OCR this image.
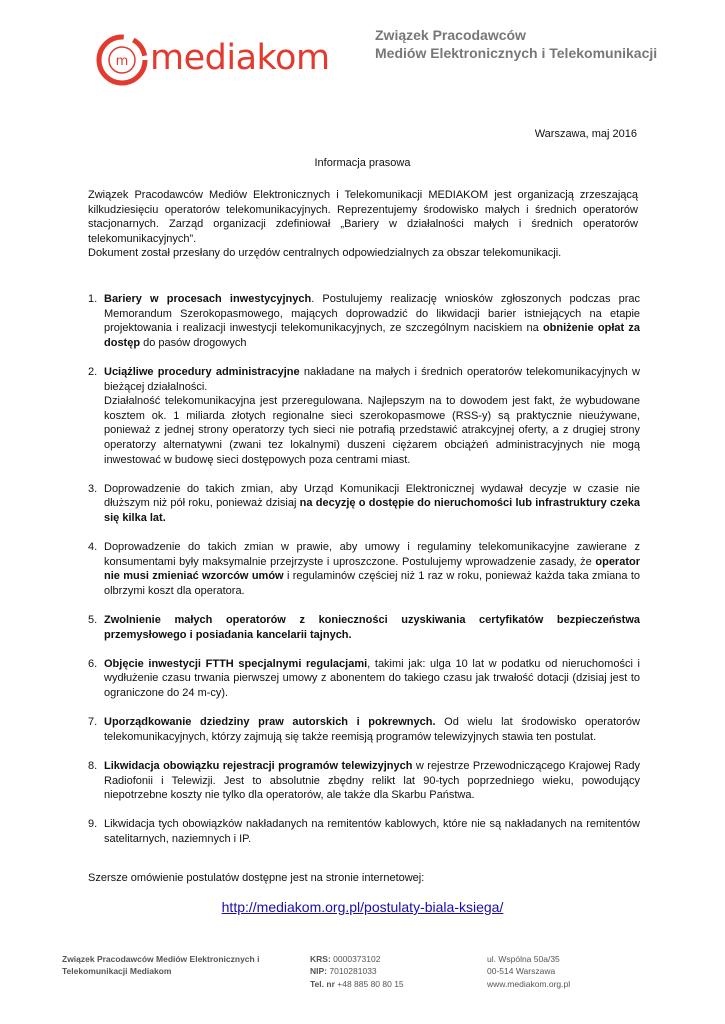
m mediakom
Związek Pracodawców
Mediów Elektronicznych i Telekomunikacji
Warszawa, maj 2016
Informacja prasowa

Związek Pracodawców Mediów Elektronicznych i Telekomunikacji MEDIAKOM jest organizacją zrzeszającą kilkudziesięciu operatorów telekomunikacyjnych. Reprezentujemy środowisko małych i średnich operatorów stacjonarnych. Zarząd organizacji zdefiniował „Bariery w działalności małych i średnich operatorów telekomunikacyjnych”.

Dokument został przesłany do urzędów centralnych odpowiedzialnych za obszar telekomunikacji.

1. Bariery w procesach inwestycyjnych. Postulujemy realizację wniosków zgłoszonych podczas prac Memorandum Szerokopasmowego, mających doprowadzić do likwidacji barier istniejących na etapie projektowania i realizacji inwestycji telekomunikacyjnych, ze szczególnym naciskiem na obniżenie opłat za dostęp do pasów drogowych
2. Uciążliwe procedury administracyjne nakładane na małych i średnich operatorów telekomunikacyjnych w bieżącej działalności.
Działalność telekomunikacyjna jest przeregulowana. Najlepszym na to dowodem jest fakt, że wybudowane kosztem ok. 1 miliarda złotych regionalne sieci szerokopasmowe (RSS-y) są praktycznie nieużywane, ponieważ z jednej strony operatorzy tych sieci nie potrafią przedstawić atrakcyjnej oferty, a z drugiej strony operatorzy alternatywni (zwani tez lokalnymi) duszeni ciężarem obciążeń administracyjnych nie mogą inwestować w budowę sieci dostępowych poza centrami miast.
3. Doprowadzenie do takich zmian, aby Urząd Komunikacji Elektronicznej wydawał decyzje w czasie nie dłuższym niż pół roku, ponieważ dzisiaj na decyzję o dostępie do nieruchomości lub infrastruktury czeka się kilka lat.
4. Doprowadzenie do takich zmian w prawie, aby umowy i regulaminy telekomunikacyjne zawierane z konsumentami były maksymalnie przejrzyste i uproszczone. Postulujemy wprowadzenie zasady, że operator nie musi zmieniać wzorców umów i regulaminów częściej niż 1 raz w roku, ponieważ każda taka zmiana to olbrzymi koszt dla operatora.
5. Zwolnienie małych operatorów z konieczności uzyskiwania certyfikatów bezpieczeństwa przemysłowego i posiadania kancelarii tajnych.
6. Objęcie inwestycji FTTH specjalnymi regulacjami, takimi jak: ulga 10 lat w podatku od nieruchomości i wydłużenie czasu trwania pierwszej umowy z abonentem do takiego czasu jak trwałość dotacji (dzisiaj jest to ograniczone do 24 m-cy).
7. Uporządkowanie dziedziny praw autorskich i pokrewnych. Od wielu lat środowisko operatorów telekomunikacyjnych, którzy zajmują się także reemisją programów telewizyjnych stawia ten postulat.
8. Likwidacja obowiązku rejestracji programów telewizyjnych w rejestrze Przewodniczącego Krajowej Rady Radiofonii i Telewizji. Jest to absolutnie zbędny relikt lat 90-tych poprzedniego wieku, powodujący niepotrzebne koszty nie tylko dla operatorów, ale także dla Skarbu Państwa.
9. Likwidacja tych obowiązków nakładanych na remitentów kablowych, które nie są nakładanych na remitentów satelitarnych, naziemnych i IP.
Szersze omówienie postulatów dostępne jest na stronie internetowej:
http://mediakom.org.pl/postulaty-biala-ksiega/
Związek Pracodawców Mediów Elektronicznych i
Telekomunikacji Mediakom
KRS: 0000373102
NIP: 7010281033
Tel. nr +48 885 80 80 15
ul. Wspólna 50a/35
00-514 Warszawa
www.mediakom.org.pl
